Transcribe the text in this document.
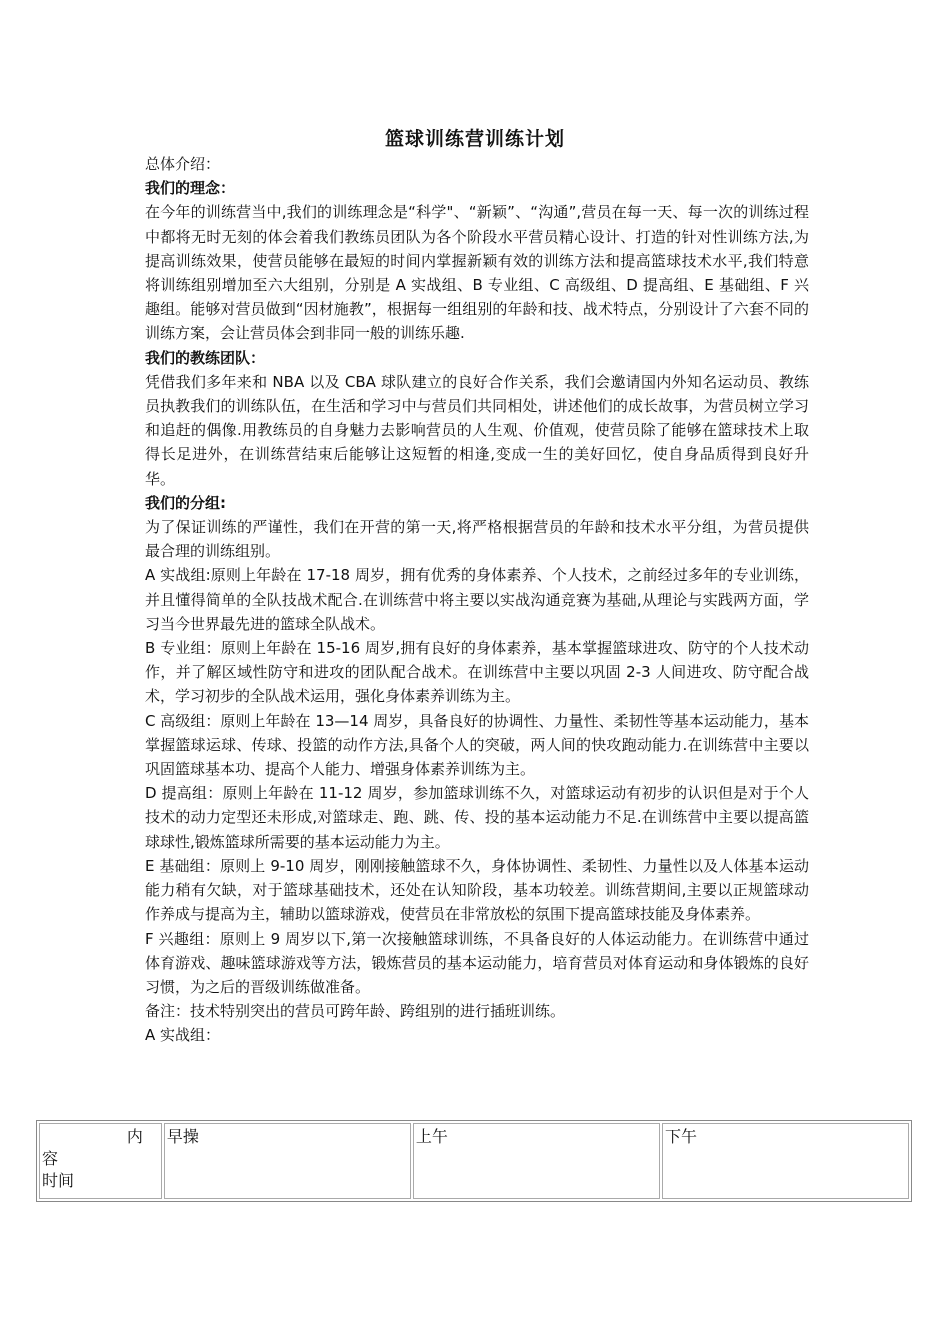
篮球训练营训练计划

总体介绍：

我们的理念：

在今年的训练营当中,我们的训练理念是“科学"、“新颖”、“沟通”,营员在每一天、每一次的训练过程中都将无时无刻的体会着我们教练员团队为各个阶段水平营员精心设计、打造的针对性训练方法,为提高训练效果，使营员能够在最短的时间内掌握新颖有效的训练方法和提高篮球技术水平,我们特意将训练组别增加至六大组别，分别是 A 实战组、B 专业组、C 高级组、D 提高组、E 基础组、F 兴趣组。能够对营员做到“因材施教”，根据每一组组别的年龄和技、战术特点，分别设计了六套不同的训练方案，会让营员体会到非同一般的训练乐趣.

我们的教练团队：

凭借我们多年来和 NBA 以及 CBA 球队建立的良好合作关系，我们会邀请国内外知名运动员、教练员执教我们的训练队伍，在生活和学习中与营员们共同相处，讲述他们的成长故事，为营员树立学习和追赶的偶像.用教练员的自身魅力去影响营员的人生观、价值观，使营员除了能够在篮球技术上取得长足进外，在训练营结束后能够让这短暂的相逢,变成一生的美好回忆，使自身品质得到良好升华。

我们的分组:

为了保证训练的严谨性，我们在开营的第一天,将严格根据营员的年龄和技术水平分组，为营员提供最合理的训练组别。

A 实战组:原则上年龄在 17-18 周岁，拥有优秀的身体素养、个人技术，之前经过多年的专业训练，并且懂得简单的全队技战术配合.在训练营中将主要以实战沟通竞赛为基础,从理论与实践两方面，学习当今世界最先进的篮球全队战术。

B 专业组：原则上年龄在 15-16 周岁,拥有良好的身体素养，基本掌握篮球进攻、防守的个人技术动作，并了解区域性防守和进攻的团队配合战术。在训练营中主要以巩固 2-3 人间进攻、防守配合战术，学习初步的全队战术运用，强化身体素养训练为主。

C 高级组：原则上年龄在 13—14 周岁，具备良好的协调性、力量性、柔韧性等基本运动能力，基本掌握篮球运球、传球、投篮的动作方法,具备个人的突破，两人间的快攻跑动能力.在训练营中主要以巩固篮球基本功、提高个人能力、增强身体素养训练为主。

D 提高组：原则上年龄在 11-12 周岁，参加篮球训练不久，对篮球运动有初步的认识但是对于个人技术的动力定型还未形成,对篮球走、跑、跳、传、投的基本运动能力不足.在训练营中主要以提高篮球球性,锻炼篮球所需要的基本运动能力为主。

E 基础组：原则上 9-10 周岁，刚刚接触篮球不久，身体协调性、柔韧性、力量性以及人体基本运动能力稍有欠缺，对于篮球基础技术，还处在认知阶段，基本功较差。训练营期间,主要以正规篮球动作养成与提高为主，辅助以篮球游戏，使营员在非常放松的氛围下提高篮球技能及身体素养。

F 兴趣组：原则上 9 周岁以下,第一次接触篮球训练，不具备良好的人体运动能力。在训练营中通过体育游戏、趣味篮球游戏等方法，锻炼营员的基本运动能力，培育营员对体育运动和身体锻炼的良好习惯，为之后的晋级训练做准备。

备注：技术特别突出的营员可跨年龄、跨组别的进行插班训练。

A 实战组：

内
容
时间
	早操	上午	下午
